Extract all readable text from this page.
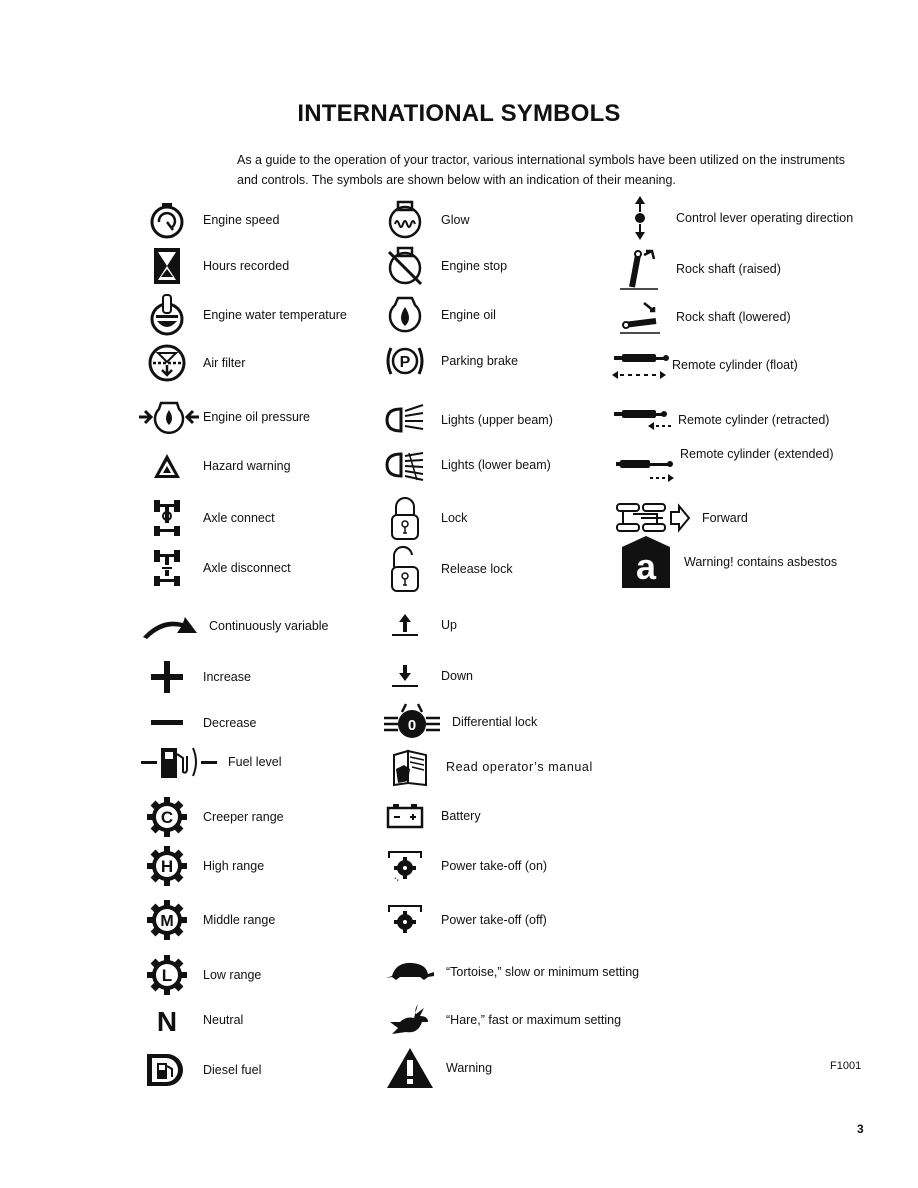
INTERNATIONAL SYMBOLS

As a guide to the operation of your tractor, various international symbols have been utilized on the instruments and controls. The symbols are shown below with an indication of their meaning.

Engine speed
Hours recorded
Engine water temperature
Air filter
Engine oil pressure
Hazard warning
Axle connect
Axle disconnect
Continuously variable
Increase
Decrease
Fuel level
C	Creeper range
H	High range
M	Middle range
L	Low range
N	Neutral
D
Diesel fuel
Glow
Engine stop
Engine oil
P	Parking brake
Lights (upper beam)
Lights (lower beam)
Lock
Release lock
Up
Down
0	Differential lock
Read operator’s manual
Battery
Power take-off (on)
Power take-off (off)
“Tortoise,” slow or minimum setting
“Hare,” fast or maximum setting
Warning
Control lever operating direction
Rock shaft (raised)
Rock shaft (lowered)
Remote cylinder (float)
Remote cylinder (retracted)
Remote cylinder (extended)
Forward
a	Warning! contains asbestos
F1001
3
